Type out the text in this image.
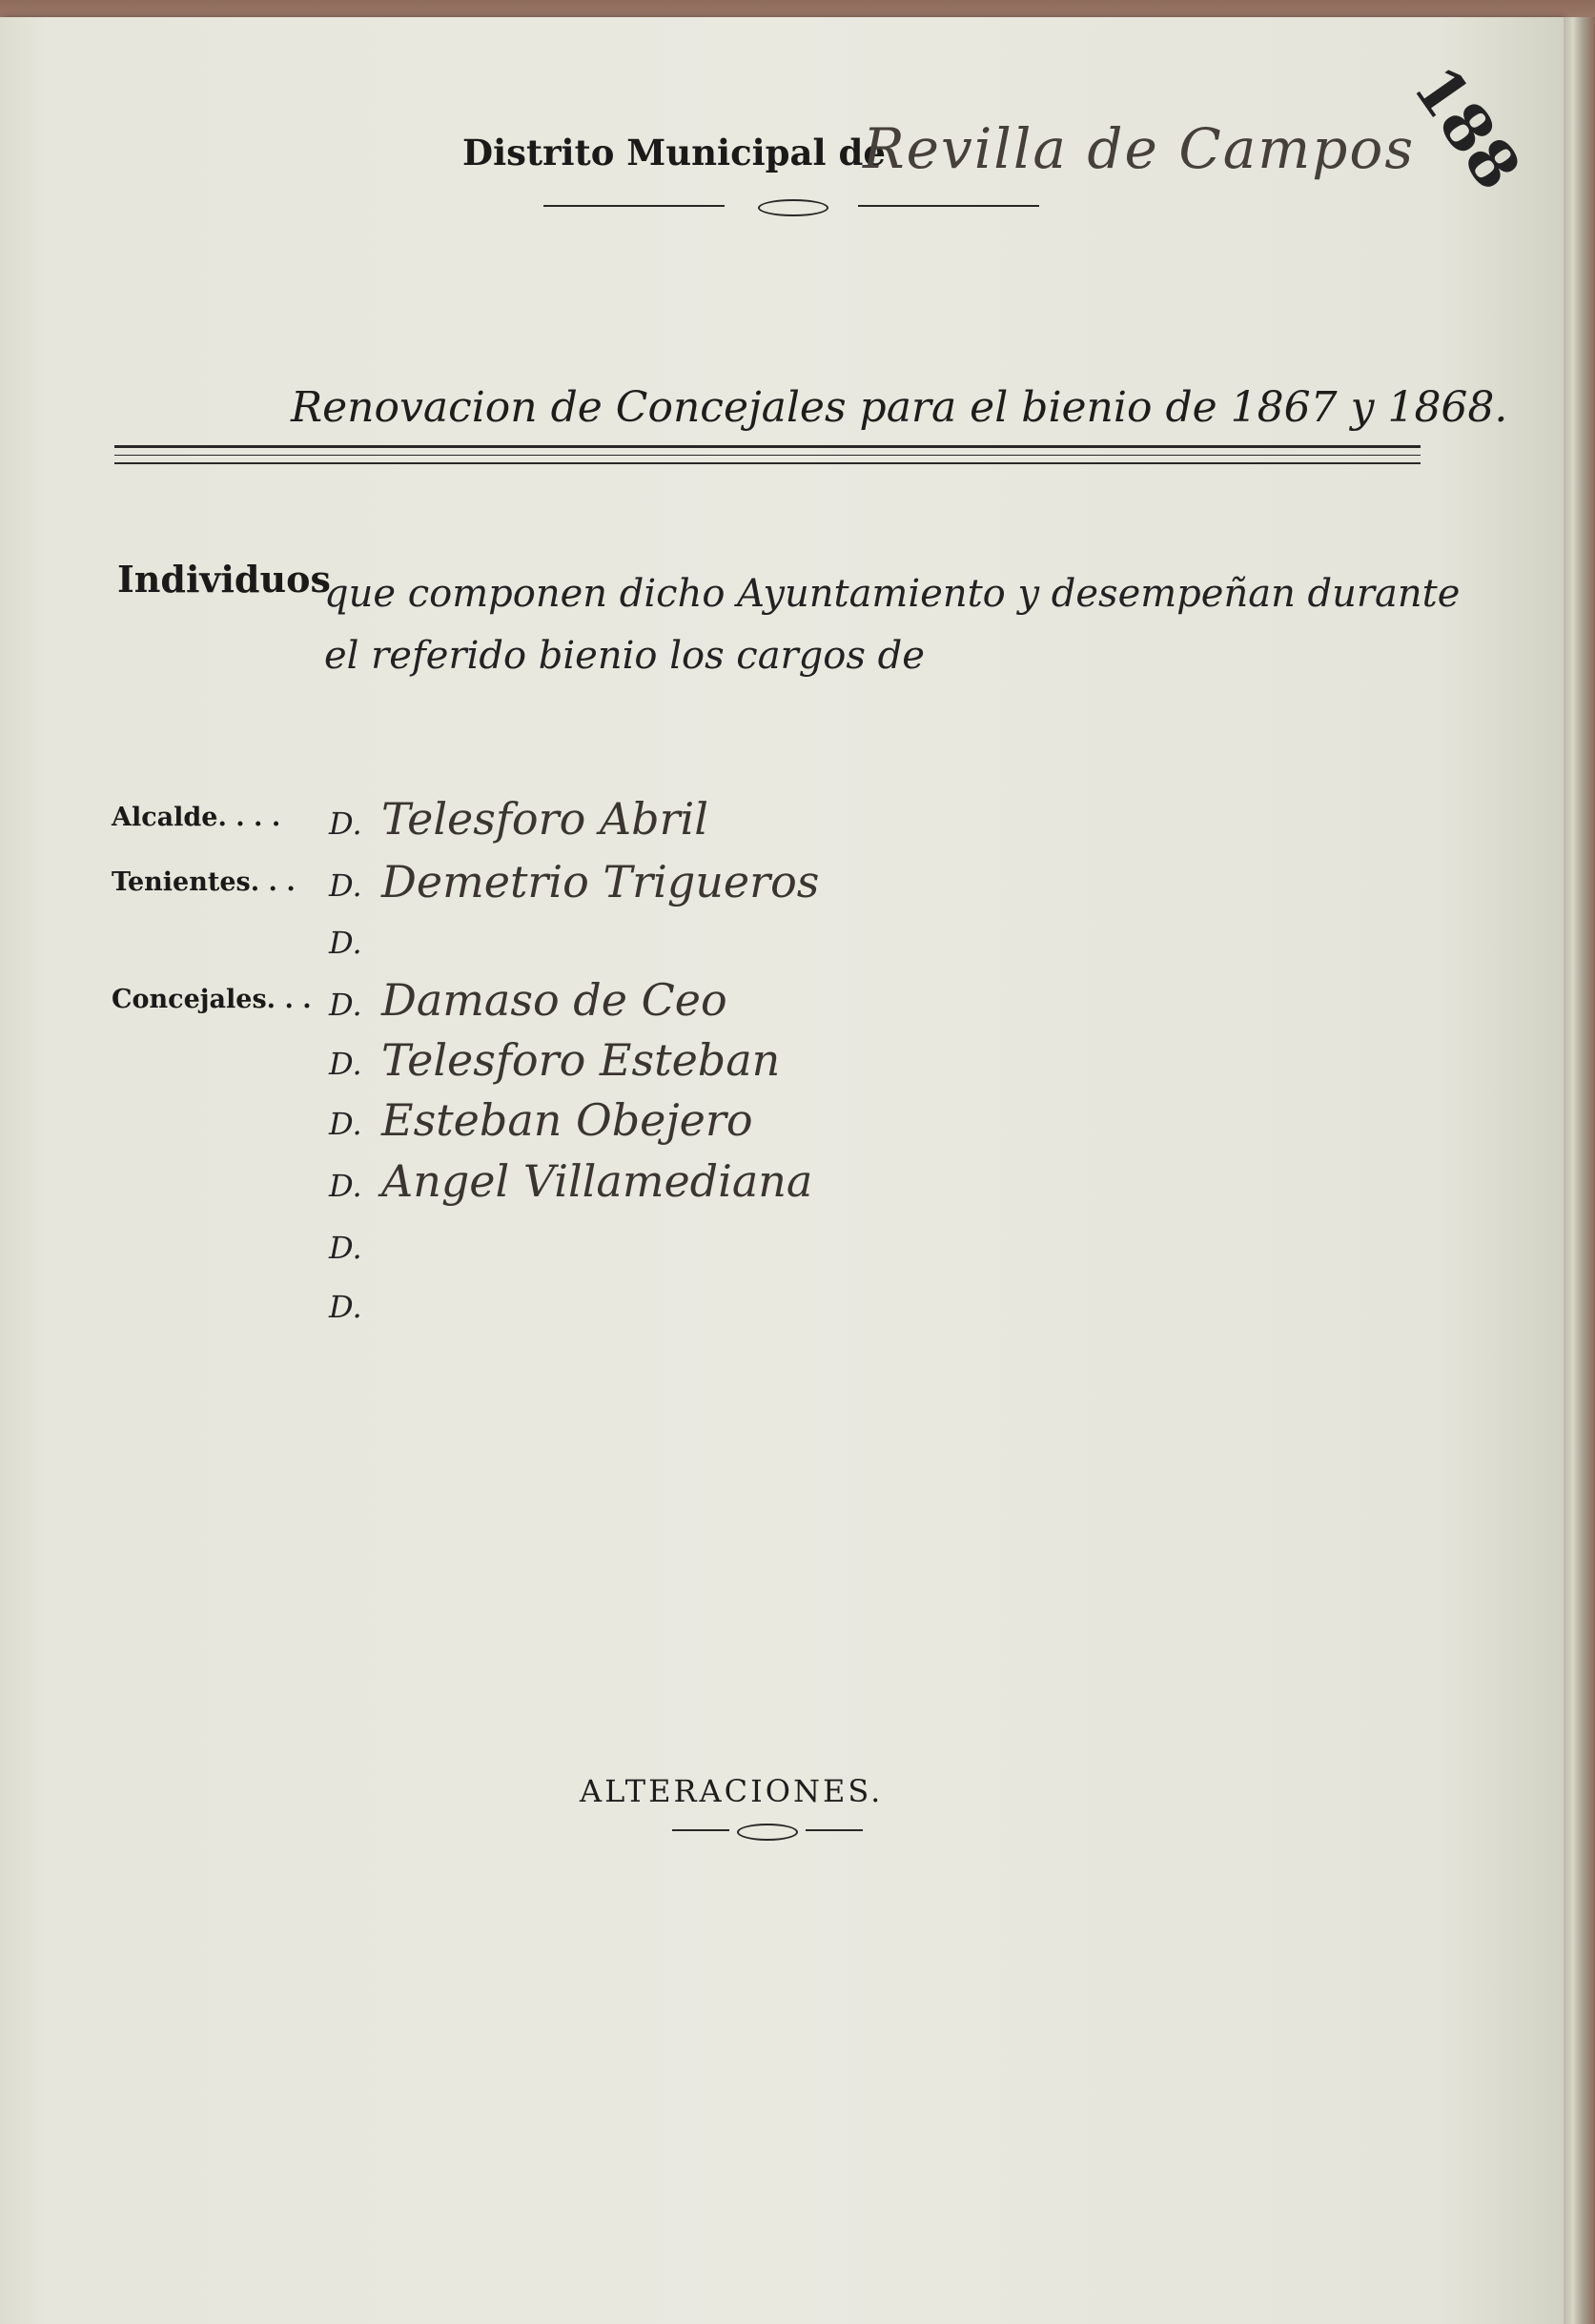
Distrito Municipal de
Revilla de Campos
188
Renovacion de Concejales para el bienio de 1867 y 1868.
Individuos
que componen dicho Ayuntamiento y desempeñan durante
el referido bienio los cargos de
Alcalde. . . .
Tenientes. . .
Concejales. . .
D.
D.
D.
D.
D.
D.
D.
D.
D.
Telesforo Abril
Demetrio Trigueros
Damaso de Ceo
Telesforo Esteban
Esteban Obejero
Angel Villamediana
ALTERACIONES.
